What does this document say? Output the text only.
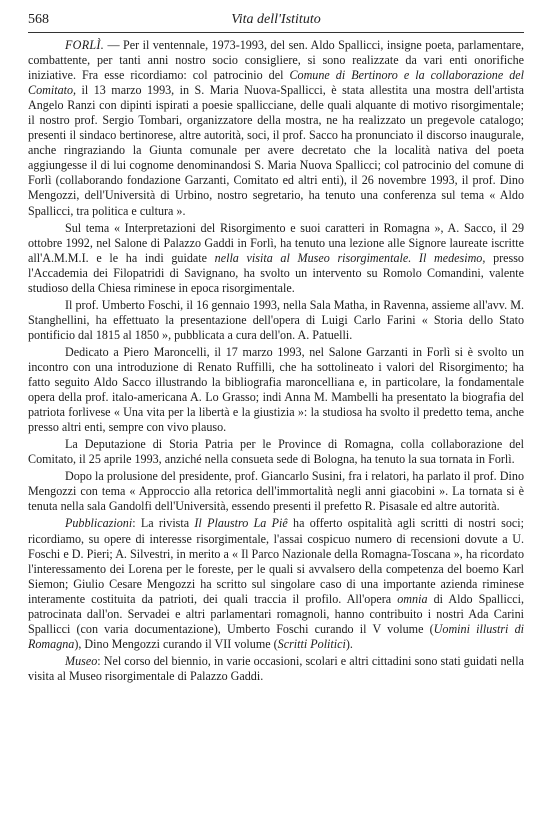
568	Vita dell'Istituto

FORLÌ. — Per il ventennale, 1973-1993, del sen. Aldo Spallicci, insigne poeta, parlamentare, combattente, per tanti anni nostro socio consigliere, si sono realizzate da vari enti onorifiche iniziative. Fra esse ricordiamo: col patrocinio del Comune di Bertinoro e la collaborazione del Comitato, il 13 marzo 1993, in S. Maria Nuova-Spallicci, è stata allestita una mostra dell'artista Angelo Ranzi con dipinti ispirati a poesie spallicciane, delle quali alquante di motivo risorgimentale; il nostro prof. Sergio Tombari, organizzatore della mostra, ne ha realizzato un pregevole catalogo; presenti il sindaco bertinorese, altre autorità, soci, il prof. Sacco ha pronunciato il discorso inaugurale, anche ringraziando la Giunta comunale per avere decretato che la località nativa del poeta aggiungesse il di lui cognome denominandosi S. Maria Nuova Spallicci; col patrocinio del comune di Forlì (collaborando fondazione Garzanti, Comitato ed altri enti), il 26 novembre 1993, il prof. Dino Mengozzi, dell'Università di Urbino, nostro segretario, ha tenuto una conferenza sul tema « Aldo Spallicci, tra politica e cultura ».

Sul tema « Interpretazioni del Risorgimento e suoi caratteri in Romagna », A. Sacco, il 29 ottobre 1992, nel Salone di Palazzo Gaddi in Forlì, ha tenuto una lezione alle Signore laureate iscritte all'A.M.M.I. e le ha indi guidate nella visita al Museo risorgimentale. Il medesimo, presso l'Accademia dei Filopatridi di Savignano, ha svolto un intervento su Romolo Comandini, valente studioso della Chiesa riminese in epoca risorgimentale.

Il prof. Umberto Foschi, il 16 gennaio 1993, nella Sala Matha, in Ravenna, assieme all'avv. M. Stanghellini, ha effettuato la presentazione dell'opera di Luigi Carlo Farini « Storia dello Stato pontificio dal 1815 al 1850 », pubblicata a cura dell'on. A. Patuelli.

Dedicato a Piero Maroncelli, il 17 marzo 1993, nel Salone Garzanti in Forlì si è svolto un incontro con una introduzione di Renato Ruffilli, che ha sottolineato i valori del Risorgimento; ha fatto seguito Aldo Sacco illustrando la bibliografia maroncelliana e, in particolare, la fondamentale opera della prof. italo-americana A. Lo Grasso; indi Anna M. Mambelli ha presentato la biografia del patriota forlivese « Una vita per la libertà e la giustizia »: la studiosa ha svolto il predetto tema, anche presso altri enti, sempre con vivo plauso.

La Deputazione di Storia Patria per le Province di Romagna, colla collaborazione del Comitato, il 25 aprile 1993, anziché nella consueta sede di Bologna, ha tenuto la sua tornata in Forlì.

Dopo la prolusione del presidente, prof. Giancarlo Susini, fra i relatori, ha parlato il prof. Dino Mengozzi con tema « Approccio alla retorica dell'immortalità negli anni giacobini ». La tornata si è tenuta nella sala Gandolfi dell'Università, essendo presenti il prefetto R. Pisasale ed altre autorità.

Pubblicazioni: La rivista Il Plaustro La Piê ha offerto ospitalità agli scritti di nostri soci; ricordiamo, su opere di interesse risorgimentale, l'assai cospicuo numero di recensioni dovute a U. Foschi e D. Pieri; A. Silvestri, in merito a « Il Parco Nazionale della Romagna-Toscana », ha ricordato l'interessamento dei Lorena per le foreste, per le quali si avvalsero della competenza del boemo Karl Siemon; Giulio Cesare Mengozzi ha scritto sul singolare caso di una importante azienda riminese interamente costituita da patrioti, dei quali traccia il profilo. All'opera omnia di Aldo Spallicci, patrocinata dall'on. Servadei e altri parlamentari romagnoli, hanno contribuito i nostri Ada Carini Spallicci (con varia documentazione), Umberto Foschi curando il V volume (Uomini illustri di Romagna), Dino Mengozzi curando il VII volume (Scritti Politici).

Museo: Nel corso del biennio, in varie occasioni, scolari e altri cittadini sono stati guidati nella visita al Museo risorgimentale di Palazzo Gaddi.
